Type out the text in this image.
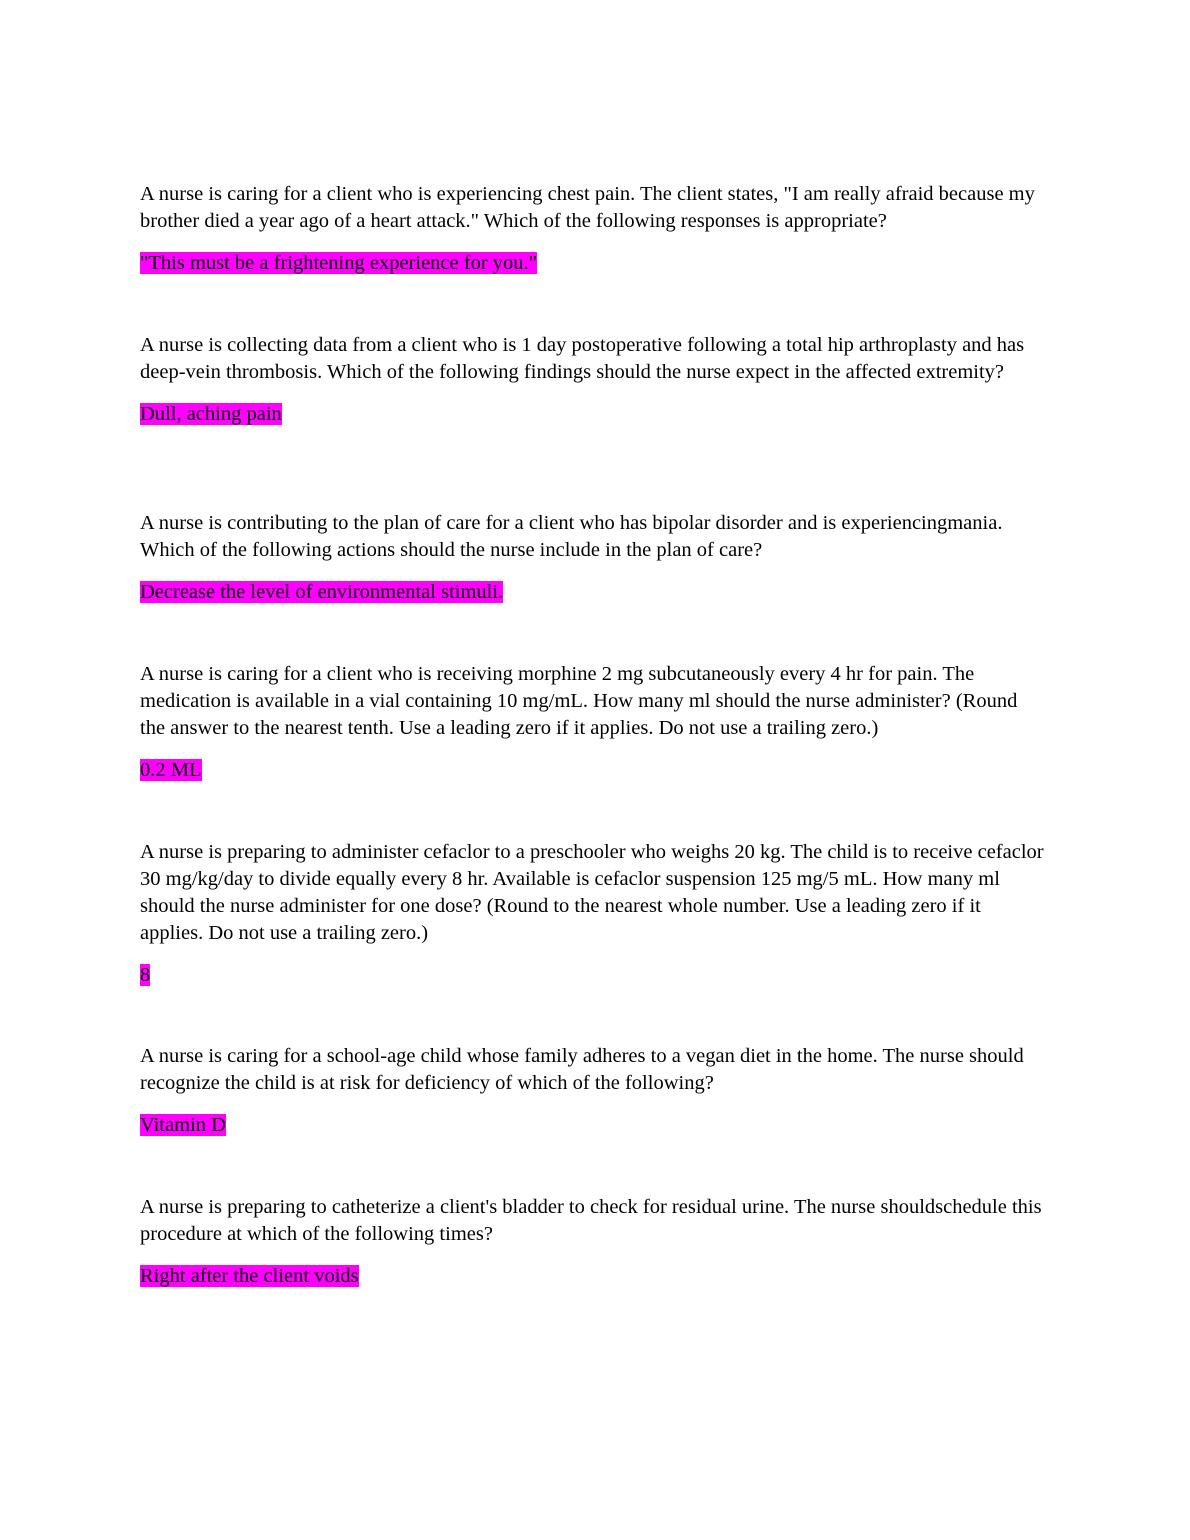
A nurse is caring for a client who is experiencing chest pain. The client states, "I am really afraid because my brother died a year ago of a heart attack." Which of the following responses is appropriate?

"This must be a frightening experience for you."

A nurse is collecting data from a client who is 1 day postoperative following a total hip arthroplasty and has deep-vein thrombosis. Which of the following findings should the nurse expect in the affected extremity?

Dull, aching pain

A nurse is contributing to the plan of care for a client who has bipolar disorder and is experiencingmania. Which of the following actions should the nurse include in the plan of care?

Decrease the level of environmental stimuli.

A nurse is caring for a client who is receiving morphine 2 mg subcutaneously every 4 hr for pain. The medication is available in a vial containing 10 mg/mL. How many ml should the nurse administer? (Round the answer to the nearest tenth. Use a leading zero if it applies. Do not use a trailing zero.)

0.2 ML

A nurse is preparing to administer cefaclor to a preschooler who weighs 20 kg. The child is to receive cefaclor 30 mg/kg/day to divide equally every 8 hr. Available is cefaclor suspension 125 mg/5 mL. How many ml should the nurse administer for one dose? (Round to the nearest whole number. Use a leading zero if it applies. Do not use a trailing zero.)

8

A nurse is caring for a school-age child whose family adheres to a vegan diet in the home. The nurse should recognize the child is at risk for deficiency of which of the following?

Vitamin D

A nurse is preparing to catheterize a client's bladder to check for residual urine. The nurse shouldschedule this procedure at which of the following times?

Right after the client voids
